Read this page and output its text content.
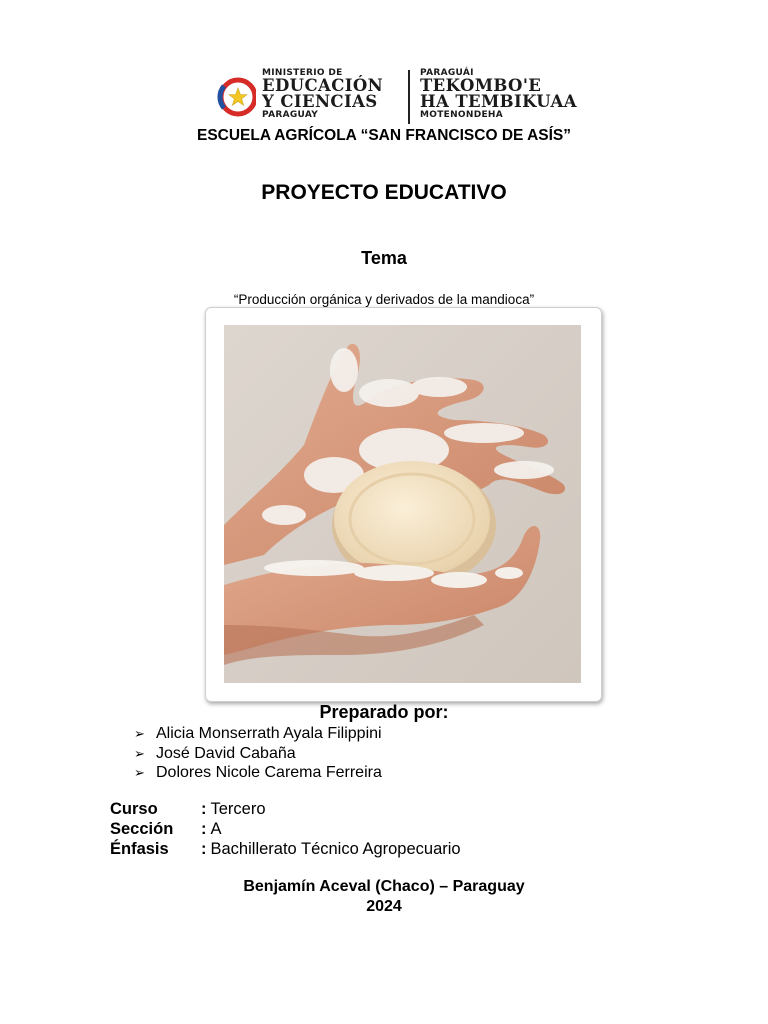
MINISTERIO DE
EDUCACIÓN
Y CIENCIAS
PARAGUAY
PARAGUÁI
TEKOMBO'E
HA TEMBIKUAA
MOTENONDEHA
ESCUELA AGRÍCOLA “SAN FRANCISCO DE ASÍS”
PROYECTO EDUCATIVO
Tema
“Producción orgánica y derivados de la mandioca”
Preparado por:
➢ Alicia Monserrath Ayala Filippini
➢ José David Cabaña
➢ Dolores Nicole Carema Ferreira
Curso	: Tercero
Sección : A
Énfasis : Bachillerato Técnico Agropecuario
Benjamín Aceval (Chaco) – Paraguay
2024
